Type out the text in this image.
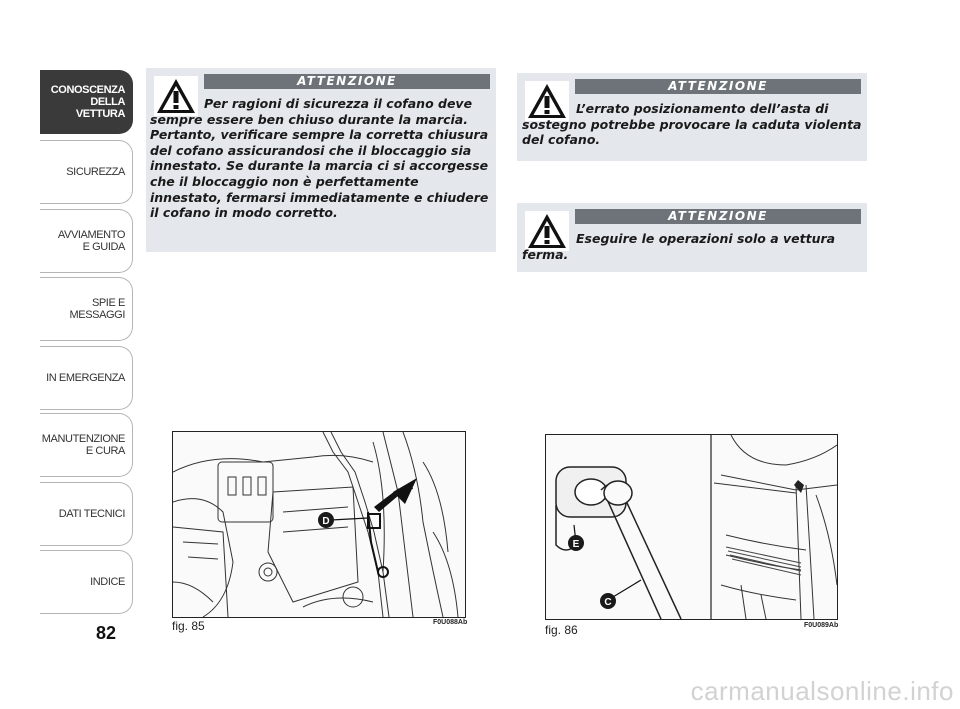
CONOSCENZA
DELLA
VETTURA
SICUREZZA
AVVIAMENTO
E GUIDA
SPIE E
MESSAGGI
IN EMERGENZA
MANUTENZIONE
E CURA
DATI TECNICI
INDICE
82
ATTENZIONE
Per ragioni di sicurezza il cofano deve sempre essere ben chiuso durante la marcia. Pertanto, verificare sempre la corretta chiusura del cofano assicurandosi che il bloccaggio sia innestato. Se durante la marcia ci si accorgesse che il bloccaggio non è perfettamente innestato, fermarsi immediatamente e chiudere il cofano in modo corretto.
ATTENZIONE
L’errato posizionamento dell’asta di sostegno potrebbe provocare la caduta violenta del cofano.
ATTENZIONE
Eseguire le operazioni solo a vettura ferma.
D
fig. 85	F0U088Ab
E
C
fig. 86	F0U089Ab
carmanualsonline.info
